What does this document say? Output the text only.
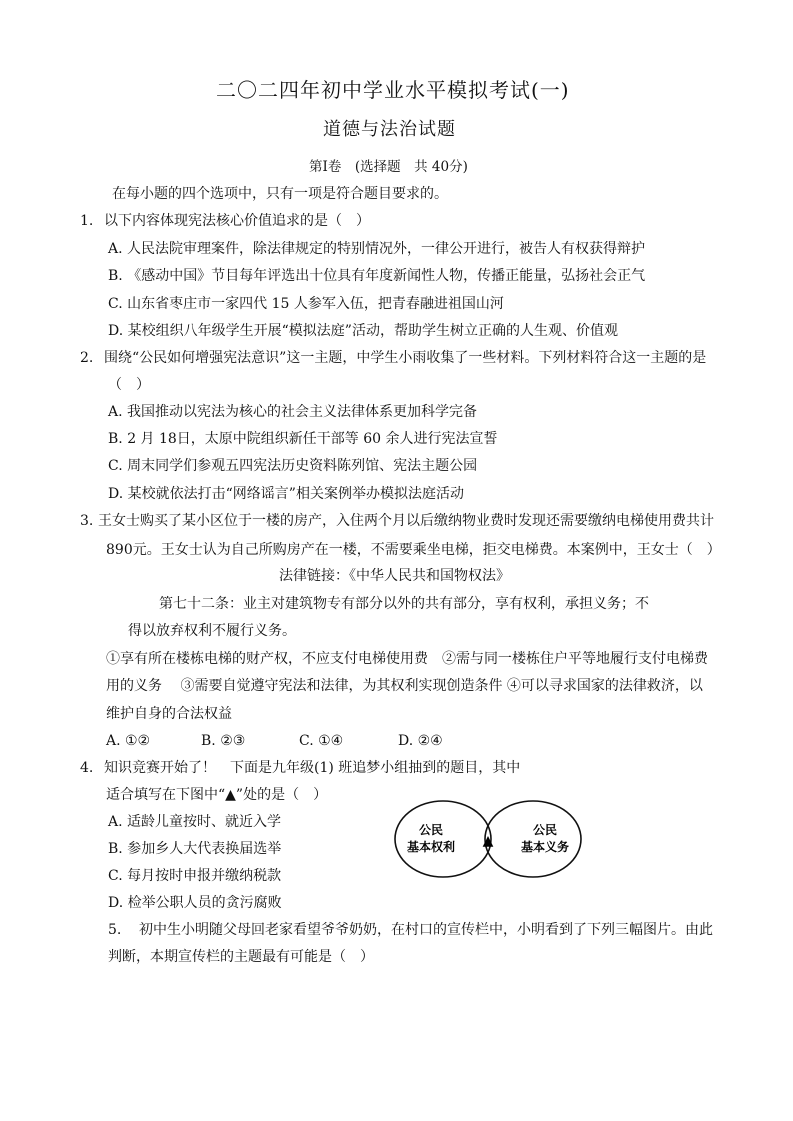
二〇二四年初中学业水平模拟考试(一)
道德与法治试题
第Ⅰ卷　(选择题　共 40分)
在每小题的四个选项中，只有一项是符合题目要求的。
1. 以下内容体现宪法核心价值追求的是（　）
A. 人民法院审理案件，除法律规定的特别情况外，一律公开进行，被告人有权获得辩护
B. 《感动中国》节目每年评选出十位具有年度新闻性人物，传播正能量，弘扬社会正气
C. 山东省枣庄市一家四代 15 人参军入伍，把青春融进祖国山河
D. 某校组织八年级学生开展“模拟法庭”活动，帮助学生树立正确的人生观、价值观
2. 围绕“公民如何增强宪法意识”这一主题，中学生小雨收集了一些材料。下列材料符合这一主题的是
（　）
A. 我国推动以宪法为核心的社会主义法律体系更加科学完备
B. 2 月 18日，太原中院组织新任干部等 60 余人进行宪法宣誓
C. 周末同学们参观五四宪法历史资料陈列馆、宪法主题公园
D. 某校就依法打击“网络谣言”相关案例举办模拟法庭活动
3. 王女士购买了某小区位于一楼的房产，入住两个月以后缴纳物业费时发现还需要缴纳电梯使用费共计
890元。王女士认为自己所购房产在一楼，不需要乘坐电梯，拒交电梯费。本案例中，王女士（　）
法律链接：《中华人民共和国物权法》
第七十二条：业主对建筑物专有部分以外的共有部分，享有权利，承担义务；不
得以放弃权利不履行义务。
①享有所在楼栋电梯的财产权，不应支付电梯使用费　②需与同一楼栋住户平等地履行支付电梯费
用的义务　 ③需要自觉遵守宪法和法律，为其权利实现创造条件 ④可以寻求国家的法律救济，以
维护自身的合法权益
A. ①②	B. ②③	C. ①④	D. ②④
4. 知识竞赛开始了！　下面是九年级(1) 班追梦小组抽到的题目，其中
适合填写在下图中“▲”处的是（　）
A. 适龄儿童按时、就近入学
B. 参加乡人大代表换届选举
C. 每月按时申报并缴纳税款
D. 检举公职人员的贪污腐败
公民
基本权利 ▲
公民
基本义务
5. 初中生小明随父母回老家看望爷爷奶奶，在村口的宣传栏中，小明看到了下列三幅图片。由此
判断，本期宣传栏的主题最有可能是（　）
